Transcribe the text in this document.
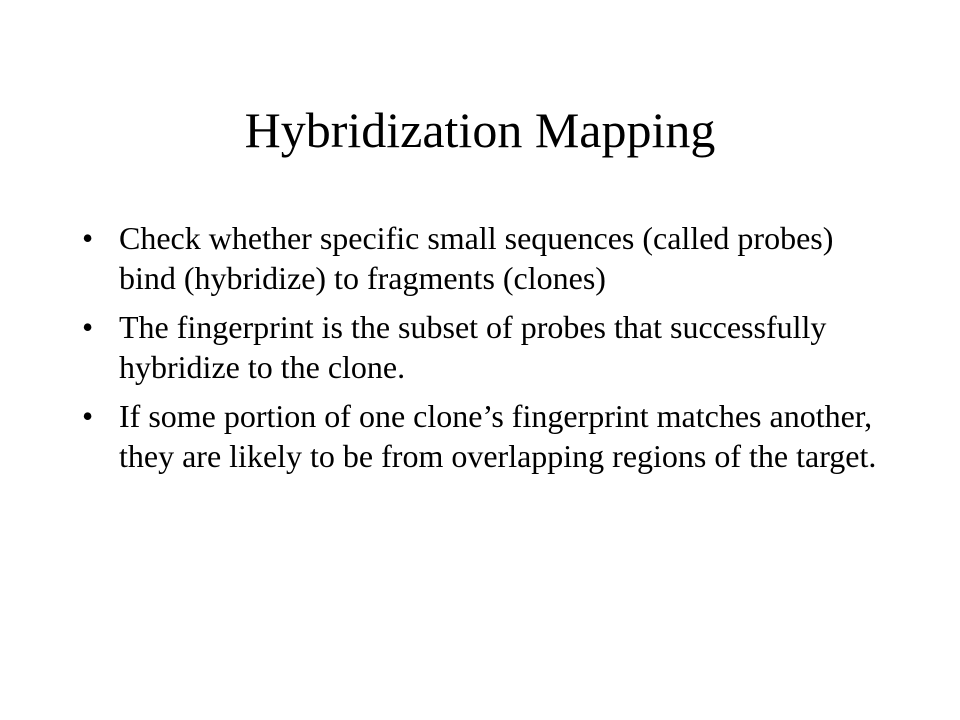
Hybridization Mapping
• Check whether specific small sequences (called probes) bind (hybridize) to fragments (clones)
• The fingerprint is the subset of probes that successfully hybridize to the clone.
• If some portion of one clone’s fingerprint matches another, they are likely to be from overlapping regions of the target.
